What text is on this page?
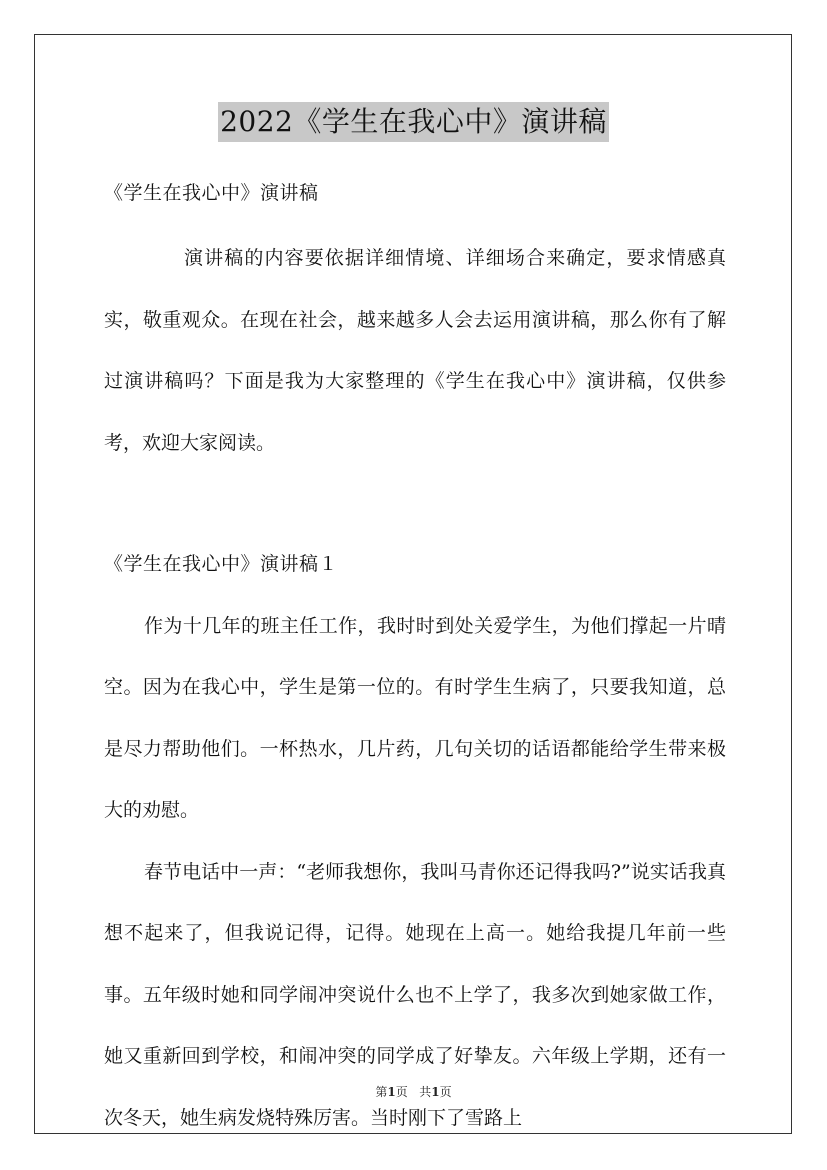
2022《学生在我心中》演讲稿

《学生在我心中》演讲稿

演讲稿的内容要依据详细情境、详细场合来确定，要求情感真实，敬重观众。在现在社会，越来越多人会去运用演讲稿，那么你有了解过演讲稿吗？下面是我为大家整理的《学生在我心中》演讲稿，仅供参考，欢迎大家阅读。

《学生在我心中》演讲稿１

作为十几年的班主任工作，我时时到处关爱学生，为他们撑起一片晴空。因为在我心中，学生是第一位的。有时学生生病了，只要我知道，总是尽力帮助他们。一杯热水，几片药，几句关切的话语都能给学生带来极大的劝慰。

春节电话中一声：“老师我想你，我叫马青你还记得我吗?”说实话我真想不起来了，但我说记得，记得。她现在上高一。她给我提几年前一些事。五年级时她和同学闹冲突说什么也不上学了，我多次到她家做工作，她又重新回到学校，和闹冲突的同学成了好挚友。六年级上学期，还有一次冬天，她生病发烧特殊厉害。当时刚下了雪路上

第1页 共1页
